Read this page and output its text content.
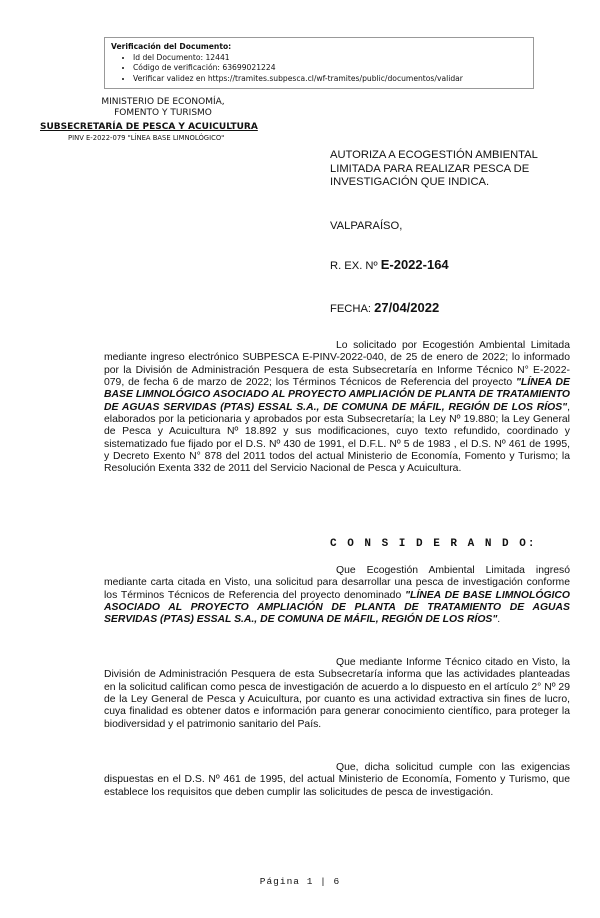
Verificación del Documento:
• Id del Documento: 12441
• Código de verificación: 63699021224
• Verificar validez en https://tramites.subpesca.cl/wf-tramites/public/documentos/validar
MINISTERIO DE ECONOMÍA,
FOMENTO Y TURISMO
SUBSECRETARÍA DE PESCA Y ACUICULTURA
PINV E-2022-079 "LÍNEA BASE LIMNOLÓGICO"
AUTORIZA A ECOGESTIÓN AMBIENTAL LIMITADA PARA REALIZAR PESCA DE INVESTIGACIÓN QUE INDICA.
VALPARAÍSO,
R. EX. Nº E-2022-164
FECHA: 27/04/2022
Lo solicitado por Ecogestión Ambiental Limitada mediante ingreso electrónico SUBPESCA E-PINV-2022-040, de 25 de enero de 2022; lo informado por la División de Administración Pesquera de esta Subsecretaría en Informe Técnico N° E-2022-079, de fecha 6 de marzo de 2022; los Términos Técnicos de Referencia del proyecto "LÍNEA DE BASE LIMNOLÓGICO ASOCIADO AL PROYECTO AMPLIACIÓN DE PLANTA DE TRATAMIENTO DE AGUAS SERVIDAS (PTAS) ESSAL S.A., DE COMUNA DE MÁFIL, REGIÓN DE LOS RÍOS", elaborados por la peticionaria y aprobados por esta Subsecretaría; la Ley Nº 19.880; la Ley General de Pesca y Acuicultura Nº 18.892 y sus modificaciones, cuyo texto refundido, coordinado y sistematizado fue fijado por el D.S. Nº 430 de 1991, el D.F.L. Nº 5 de 1983 , el D.S. Nº 461 de 1995, y Decreto Exento N° 878 del 2011 todos del actual Ministerio de Economía, Fomento y Turismo; la Resolución Exenta 332 de 2011 del Servicio Nacional de Pesca y Acuicultura.
C O N S I D E R A N D O:
Que Ecogestión Ambiental Limitada ingresó mediante carta citada en Visto, una solicitud para desarrollar una pesca de investigación conforme los Términos Técnicos de Referencia del proyecto denominado "LÍNEA DE BASE LIMNOLÓGICO ASOCIADO AL PROYECTO AMPLIACIÓN DE PLANTA DE TRATAMIENTO DE AGUAS SERVIDAS (PTAS) ESSAL S.A., DE COMUNA DE MÁFIL, REGIÓN DE LOS RÍOS".
Que mediante Informe Técnico citado en Visto, la División de Administración Pesquera de esta Subsecretaría informa que las actividades planteadas en la solicitud califican como pesca de investigación de acuerdo a lo dispuesto en el artículo 2° Nº 29 de la Ley General de Pesca y Acuicultura, por cuanto es una actividad extractiva sin fines de lucro, cuya finalidad es obtener datos e información para generar conocimiento científico, para proteger la biodiversidad y el patrimonio sanitario del País.
Que, dicha solicitud cumple con las exigencias dispuestas en el D.S. Nº 461 de 1995, del actual Ministerio de Economía, Fomento y Turismo, que establece los requisitos que deben cumplir las solicitudes de pesca de investigación.
Página 1 | 6
